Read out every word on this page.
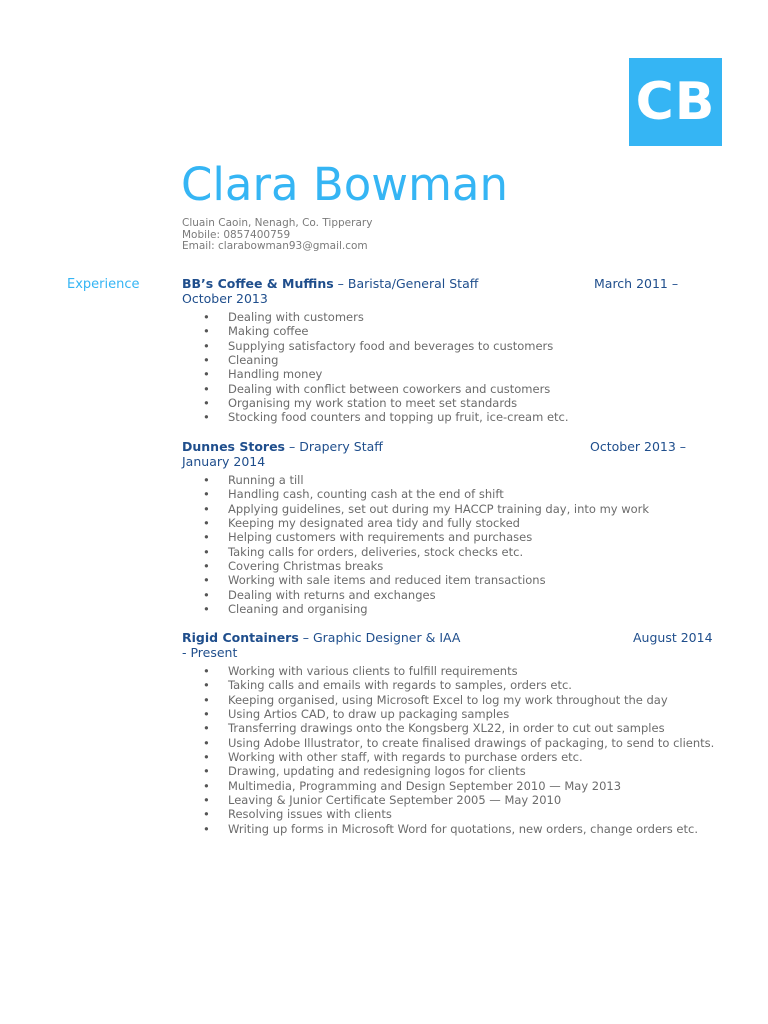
CB
Clara Bowman
Cluain Caoin, Nenagh, Co. Tipperary
Mobile: 0857400759
Email: clarabowman93@gmail.com
Experience	BB’s Coffee & Muffins – Barista/General Staff	March 2011 –
October 2013
• Dealing with customers
• Making coffee
• Supplying satisfactory food and beverages to customers
• Cleaning
• Handling money
• Dealing with conflict between coworkers and customers
• Organising my work station to meet set standards
• Stocking food counters and topping up fruit, ice-cream etc.
Dunnes Stores – Drapery Staff	October 2013 –
January 2014
• Running a till
• Handling cash, counting cash at the end of shift
• Applying guidelines, set out during my HACCP training day, into my work
• Keeping my designated area tidy and fully stocked
• Helping customers with requirements and purchases
• Taking calls for orders, deliveries, stock checks etc.
• Covering Christmas breaks
• Working with sale items and reduced item transactions
• Dealing with returns and exchanges
• Cleaning and organising
Rigid Containers – Graphic Designer & IAA	August 2014
- Present
• Working with various clients to fulfill requirements
• Taking calls and emails with regards to samples, orders etc.
• Keeping organised, using Microsoft Excel to log my work throughout the day
• Using Artios CAD, to draw up packaging samples
• Transferring drawings onto the Kongsberg XL22, in order to cut out samples
• Using Adobe Illustrator, to create finalised drawings of packaging, to send to clients.
• Working with other staff, with regards to purchase orders etc.
• Drawing, updating and redesigning logos for clients
• Multimedia, Programming and Design September 2010 — May 2013
• Leaving & Junior Certificate September 2005 — May 2010
• Resolving issues with clients
• Writing up forms in Microsoft Word for quotations, new orders, change orders etc.
